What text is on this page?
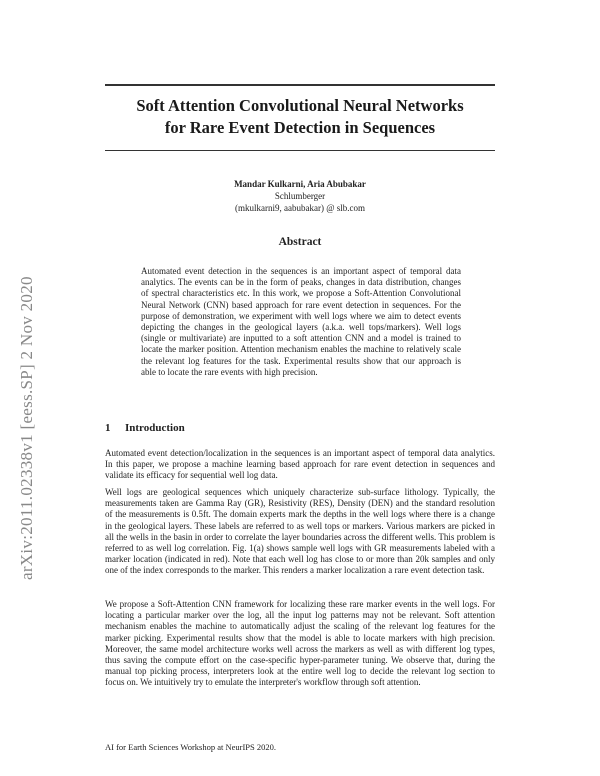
Soft Attention Convolutional Neural Networks
for Rare Event Detection in Sequences
Mandar Kulkarni, Aria Abubakar
Schlumberger
(mkulkarni9, aabubakar) @ slb.com
Abstract
Automated event detection in the sequences is an important aspect of temporal data analytics. The events can be in the form of peaks, changes in data distribution, changes of spectral characteristics etc. In this work, we propose a Soft-Attention Convolutional Neural Network (CNN) based approach for rare event detection in sequences. For the purpose of demonstration, we experiment with well logs where we aim to detect events depicting the changes in the geological layers (a.k.a. well tops/markers). Well logs (single or multivariate) are inputted to a soft attention CNN and a model is trained to locate the marker position. Attention mechanism enables the machine to relatively scale the relevant log features for the task. Experimental results show that our approach is able to locate the rare events with high precision.
1 Introduction

Automated event detection/localization in the sequences is an important aspect of temporal data analytics. In this paper, we propose a machine learning based approach for rare event detection in sequences and validate its efficacy for sequential well log data.

Well logs are geological sequences which uniquely characterize sub-surface lithology. Typically, the measurements taken are Gamma Ray (GR), Resistivity (RES), Density (DEN) and the standard resolution of the measurements is 0.5ft. The domain experts mark the depths in the well logs where there is a change in the geological layers. These labels are referred to as well tops or markers. Various markers are picked in all the wells in the basin in order to correlate the layer boundaries across the different wells. This problem is referred to as well log correlation. Fig. 1(a) shows sample well logs with GR measurements labeled with a marker location (indicated in red). Note that each well log has close to or more than 20k samples and only one of the index corresponds to the marker. This renders a marker localization a rare event detection task.

We propose a Soft-Attention CNN framework for localizing these rare marker events in the well logs. For locating a particular marker over the log, all the input log patterns may not be relevant. Soft attention mechanism enables the machine to automatically adjust the scaling of the relevant log features for the marker picking. Experimental results show that the model is able to locate markers with high precision. Moreover, the same model architecture works well across the markers as well as with different log types, thus saving the compute effort on the case-specific hyper-parameter tuning. We observe that, during the manual top picking process, interpreters look at the entire well log to decide the relevant log section to focus on. We intuitively try to emulate the interpreter's workflow through soft attention.

AI for Earth Sciences Workshop at NeurIPS 2020.
arXiv:2011.02338v1 [eess.SP] 2 Nov 2020
